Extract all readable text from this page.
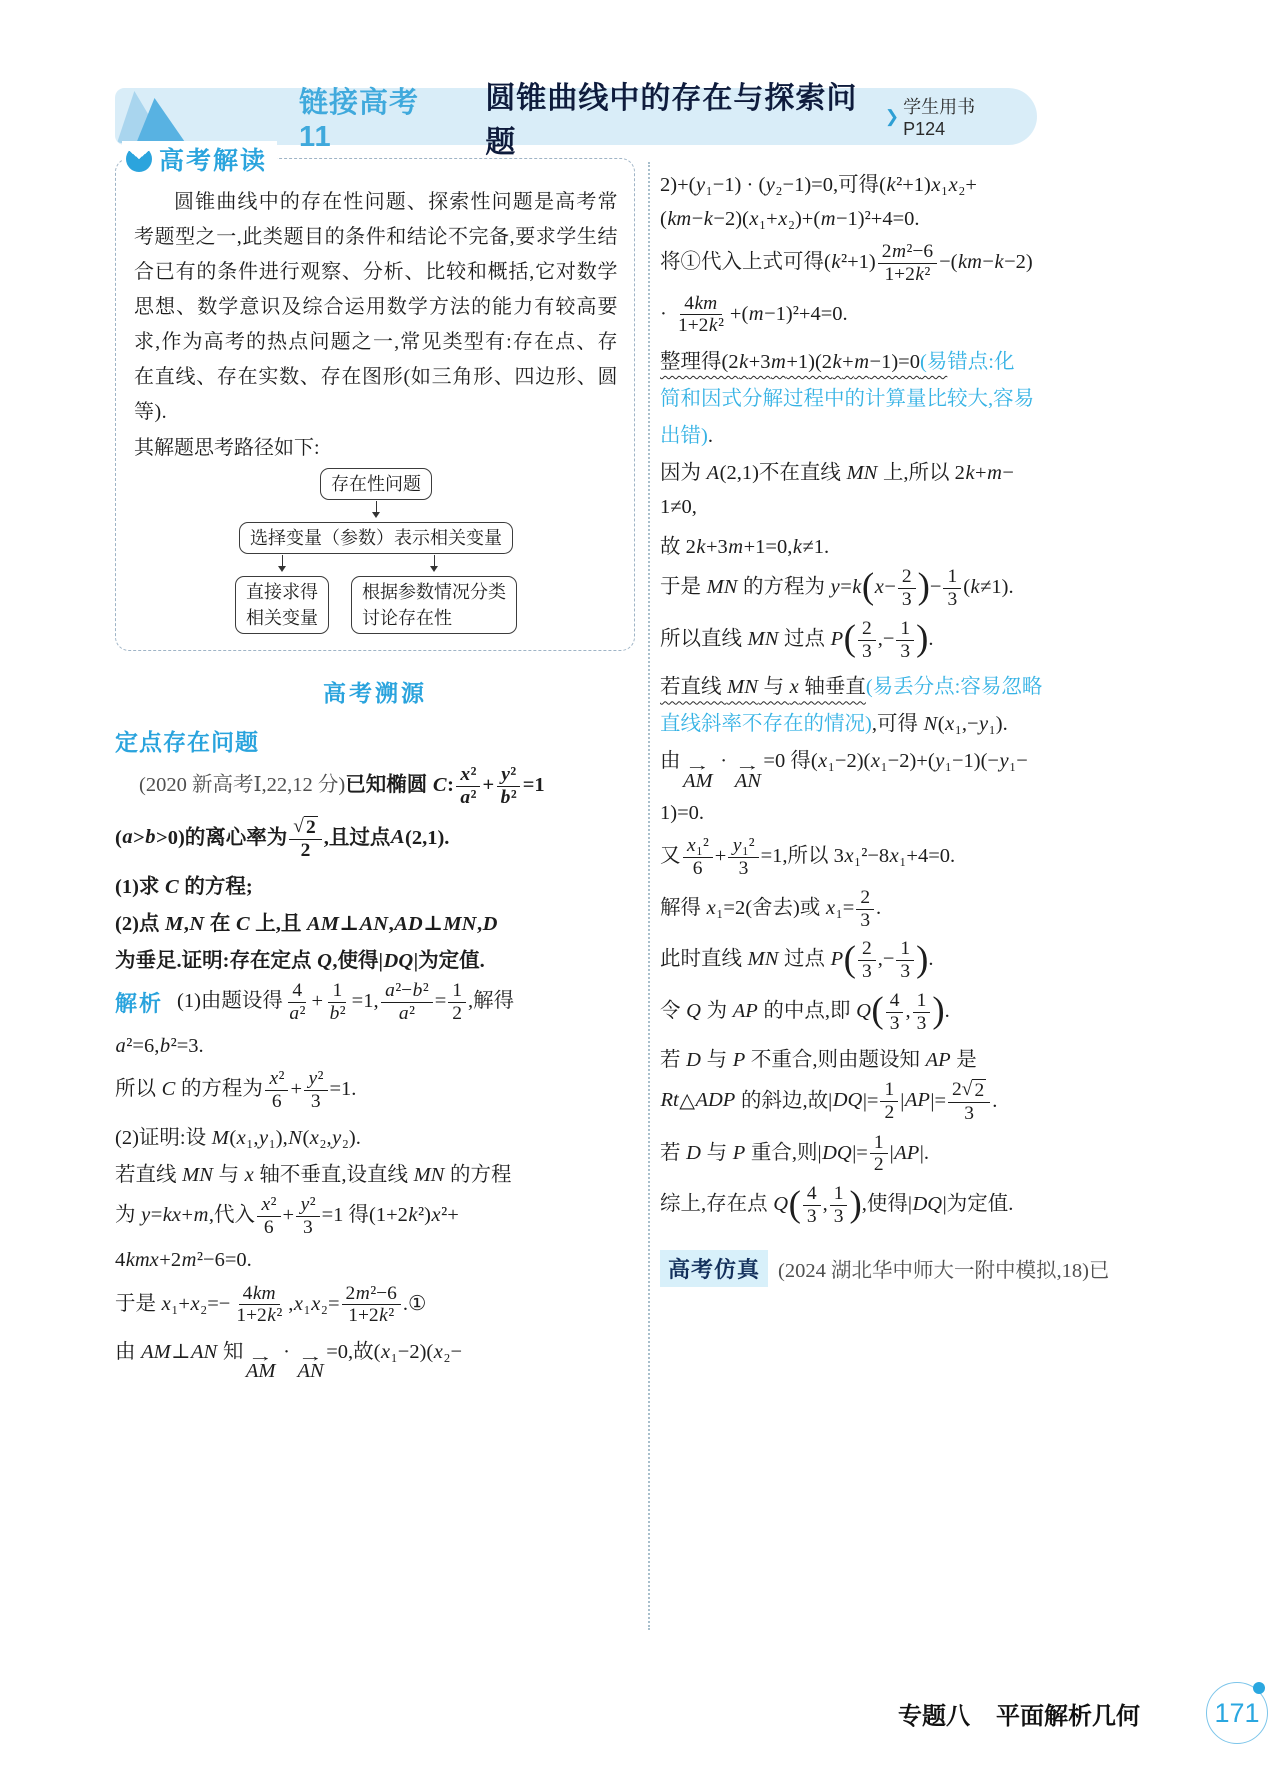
链接高考 11
圆锥曲线中的存在与探索问题
❯ 学生用书 P124
高考解读

圆锥曲线中的存在性问题、探索性问题是高考常考题型之一,此类题目的条件和结论不完备,要求学生结合已有的条件进行观察、分析、比较和概括,它对数学思想、数学意识及综合运用数学方法的能力有较高要求,作为高考的热点问题之一,常见类型有:存在点、存在直线、存在实数、存在图形(如三角形、四边形、圆等).

其解题思考路径如下:

存在性问题
选择变量（参数）表示相关变量
直接求得
相关变量
根据参数情况分类
讨论存在性
高考溯源
定点存在问题
(2020 新高考Ⅰ,22,12 分)已知椭圆 C: $\frac{\text{x²}}{\text{a²}} + \frac{\text{y²}}{\text{b²}} =1$
(a>b>0)的离心率为 $\frac{√ 2}{2}$ ,且过点A(2,1).
(1)求 C 的方程;
(2)点 M,N 在 C 上,且 AM⊥AN,AD⊥MN,D
为垂足.证明:存在定点 Q,使得|DQ|为定值.
解析 (1)由题设得 $\frac{4}{\text{a²}} + \frac{1}{\text{b²}} =1$, $\frac{\text{a²−b²}}{\text{a²}} = \frac{1}{2}$ ,解得
a²=6,b²=3.
所以 C 的方程为 $\frac{\text{x²}}{6} + \frac{\text{y²}}{3} =1$.
(2)证明:设 M(x₁,y₁),N(x₂,y₂).
若直线 MN 与 x 轴不垂直,设直线 MN 的方程
为 y=kx+m,代入 $\frac{\text{x²}}{6} + \frac{\text{y²}}{3} =1$ 得(1+2k²)x²+
4kmx+2m²−6=0.
于是 $x_1+x_2=- \frac{4km}{\text{1+2k²}} ,x_1x_2= \frac{\text{2m²−6}}{\text{1+2k²}}$ .①
由 AM⊥AN 知 →
AM
· →
AN
=0,故(x₁−2)(x₂−
2)+(y₁−1) · (y₂−1)=0,可得(k²+1)x₁x₂+
(km−k−2)(x₁+x₂)+(m−1)²+4=0.
将①代入上式可得$(k^2+1) \frac{\text{2m²−6}}{\text{1+2k²}} -(km-k-2)$
· $\frac{4km}{\text{1+2k²}} +(m-1)^2+4=0$.
整理得(2k+3m+1)(2k+m−1)=0(易错点:化
简和因式分解过程中的计算量比较大,容易
出错).
因为 A(2,1)不在直线 MN 上,所以 2k+m−
1≠0,
故 2k+3m+1=0,k≠1.
于是 MN 的方程为 $y=k(x- \frac{2}{3}$ )− $\frac{1}{3} (k\ne 1)$.
所以直线 MN 过点 $P( \frac{2}{3}$ ,− $\frac{1}{3}$ ).
若直线 MN 与 x 轴垂直(易丢分点:容易忽略
直线斜率不存在的情况),可得 N(x₁,−y₁).
由 →
AM
· →
AN
=0 得(x₁−2)(x₁−2)+(y₁−1)(−y₁−
1)=0.
又 $\frac{\text{x₁²}}{6} + \frac{\text{y₁²}}{3} =1$,所以 3x₁²−8x₁+4=0.
解得 x₁=2(舍去)或 $x_1= \frac{2}{3}$ .
此时直线 MN 过点 $P( \frac{2}{3}$ ,− $\frac{1}{3}$ ).
令 Q 为 AP 的中点,即 $Q( \frac{4}{3}$ , $\frac{1}{3}$ ).
若 D 与 P 不重合,则由题设知 AP 是
Rt△ADP 的斜边,故$|DQ|= \frac{1}{2} |AP|= \frac{2 √ 2}{3}$ .
若 D 与 P 重合,则$|DQ|= \frac{1}{2} |AP|$.
综上,存在点 $Q( \frac{4}{3}$ , $\frac{1}{3}$ ),使得|DQ|为定值.
高考仿真 (2024 湖北华中师大一附中模拟,18)已
专题八 平面解析几何	171
